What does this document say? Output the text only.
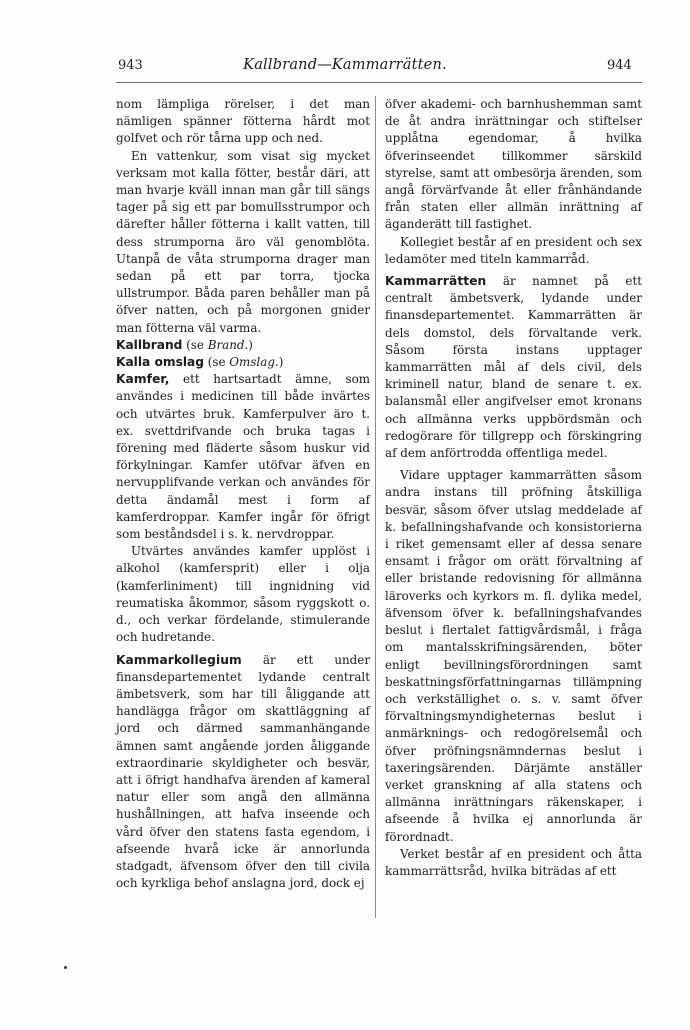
943	Kallbrand—Kammarrätten.	944

nom lämpliga rörelser, i det man nämligen spänner fötterna hårdt mot golfvet och rör tårna upp och ned.

En vattenkur, som visat sig mycket verksam mot kalla fötter, består däri, att man hvarje kväll innan man går till sängs tager på sig ett par bomullsstrumpor och därefter håller fötterna i kallt vatten, till dess strumporna äro väl genomblöta. Utanpå de våta strumporna drager man sedan på ett par torra, tjocka ullstrumpor. Båda paren behåller man på öfver natten, och på morgonen gnider man fötterna väl varma.

Kallbrand (se Brand.)

Kalla omslag (se Omslag.)

Kamfer, ett hartsartadt ämne, som användes i medicinen till både invärtes och utvärtes bruk. Kamferpulver äro t. ex. svettdrifvande och bruka tagas i förening med fläderte såsom huskur vid förkylningar. Kamfer utöfvar äfven en nervupplifvande verkan och användes för detta ändamål mest i form af kamferdroppar. Kamfer ingår för öfrigt som beståndsdel i s. k. nervdroppar.

Utvärtes användes kamfer upplöst i alkohol (kamfersprit) eller i olja (kamferliniment) till ingnidning vid reumatiska åkommor, såsom ryggskott o. d., och verkar fördelande, stimulerande och hudretande.

Kammarkollegium är ett under finansdepartementet lydande centralt ämbetsverk, som har till åliggande att handlägga frågor om skattläggning af jord och därmed sammanhängande ämnen samt angående jorden åliggande extraordinarie skyldigheter och besvär, att i öfrigt handhafva ärenden af kameral natur eller som angå den allmänna hushållningen, att hafva inseende och vård öfver den statens fasta egendom, i afseende hvarå icke är annorlunda stadgadt, äfvensom öfver den till civila och kyrkliga behof anslagna jord, dock ej

öfver akademi- och barnhushemman samt de åt andra inrättningar och stiftelser upplåtna egendomar, å hvilka öfverinseendet tillkommer särskild styrelse, samt att ombesörja ärenden, som angå förvärfvande åt eller frånhändande från staten eller allmän inrättning af äganderätt till fastighet.

Kollegiet består af en president och sex ledamöter med titeln kammarråd.

Kammarrätten är namnet på ett centralt ämbetsverk, lydande under finansdepartementet. Kammarrätten är dels domstol, dels förvaltande verk. Såsom första instans upptager kammarrätten mål af dels civil, dels kriminell natur, bland de senare t. ex. balansmål eller angifvelser emot kronans och allmänna verks uppbördsmän och redogörare för tillgrepp och förskingring af dem anförtrodda offentliga medel.

Vidare upptager kammarrätten såsom andra instans till pröfning åtskilliga besvär, såsom öfver utslag meddelade af k. befallningshafvande och konsistorierna i riket gemensamt eller af dessa senare ensamt i frågor om orätt förvaltning af eller bristande redovisning för allmänna läroverks och kyrkors m. fl. dylika medel, äfvensom öfver k. befallningshafvandes beslut i flertalet fattigvårdsmål, i fråga om mantalsskrifningsärenden, böter enligt bevillningsförordningen samt beskattningsförfattningarnas tillämpning och verkställighet o. s. v. samt öfver förvaltningsmyndigheternas beslut i anmärknings- och redogörelsemål och öfver pröfningsnämndernas beslut i taxeringsärenden. Därjämte anställer verket granskning af alla statens och allmänna inrättningars räkenskaper, i afseende å hvilka ej annorlunda är förordnadt.

Verket består af en president och åtta kammarrättsråd, hvilka biträdas af ett
